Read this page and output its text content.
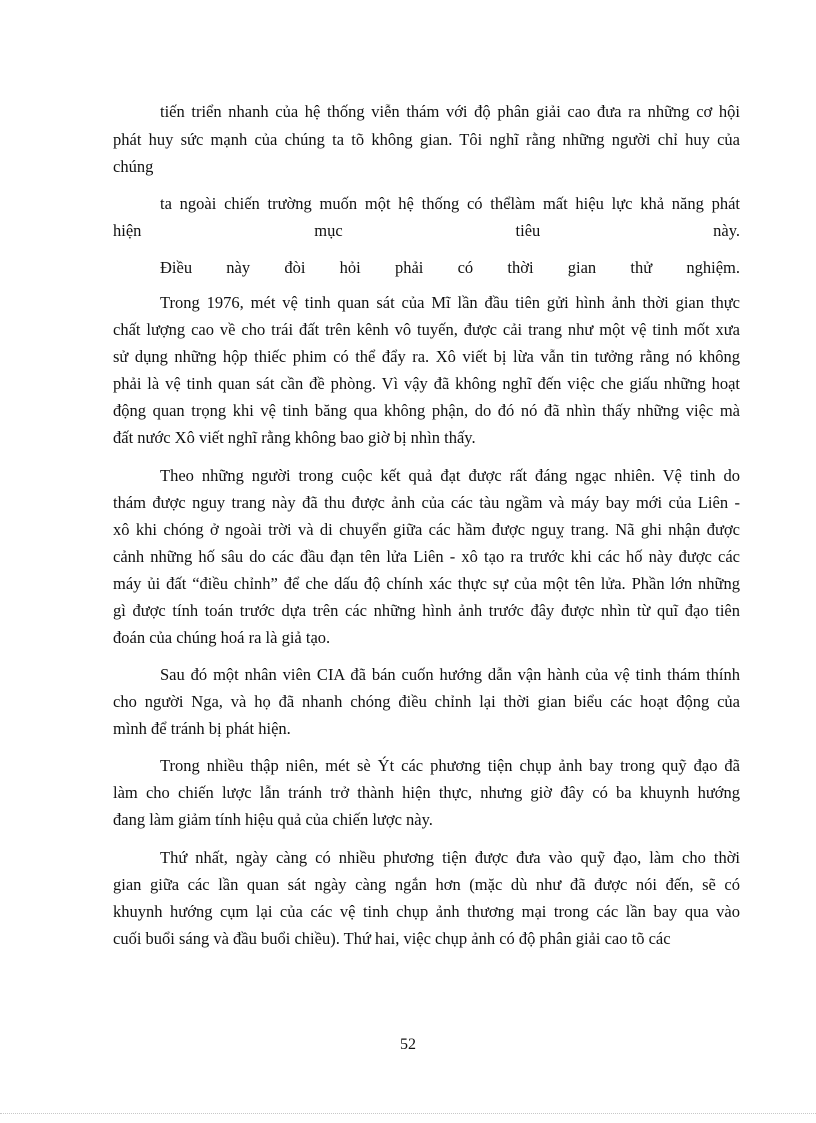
tiến triển nhanh của hệ thống viễn thám với độ phân giải cao đưa ra những cơ hội
phát huy sức mạnh của chúng ta tõ không gian. Tôi nghĩ rằng những người chỉ huy của
chúng
ta ngoài chiến trường muốn một hệ thống có thểlàm mất hiệu lực khả năng phát
hiện mục tiêu này.
Điều này đòi hỏi phải có thời gian thử nghiệm.
Trong 1976, mét vệ tinh quan sát của Mĩ lần đầu tiên gửi hình ảnh thời gian thực
chất lượng cao về cho trái đất trên kênh vô tuyến, được cải trang như một vệ tinh mốt xưa
sử dụng những hộp thiếc phim có thể đẩy ra. Xô viết bị lừa vẫn tin tưởng rằng nó không
phải là vệ tinh quan sát cần đề phòng. Vì vậy đã không nghĩ đến việc che giấu những hoạt
động quan trọng khi vệ tinh băng qua không phận, do đó nó đã nhìn thấy những việc mà
đất nước Xô viết nghĩ rằng không bao giờ bị nhìn thấy.
Theo những người trong cuộc kết quả đạt được rất đáng ngạc nhiên. Vệ tinh do
thám được nguy trang này đã thu được ảnh của các tàu ngầm và máy bay mới của Liên -
xô khi chóng ở ngoài trời và di chuyển giữa các hầm được nguỵ trang. Nã ghi nhận được
cảnh những hố sâu do các đầu đạn tên lửa Liên - xô tạo ra trước khi các hố này được các
máy ủi đất “điều chỉnh” để che dấu độ chính xác thực sự của một tên lửa. Phần lớn những
gì được tính toán trước dựa trên các những hình ảnh trước đây được nhìn từ quĩ đạo tiên
đoán của chúng hoá ra là giả tạo.
Sau đó một nhân viên CIA đã bán cuốn hướng dẫn vận hành của vệ tinh thám thính
cho người Nga, và họ đã nhanh chóng điều chỉnh lại thời gian biểu các hoạt động của
mình để tránh bị phát hiện.
Trong nhiều thập niên, mét sè Ýt các phương tiện chụp ảnh bay trong quỹ đạo đã
làm cho chiến lược lẫn tránh trở thành hiện thực, nhưng giờ đây có ba khuynh hướng
đang làm giảm tính hiệu quả của chiến lược này.
Thứ nhất, ngày càng có nhiều phương tiện được đưa vào quỹ đạo, làm cho thời
gian giữa các lần quan sát ngày càng ngắn hơn (mặc dù như đã được nói đến, sẽ có
khuynh hướng cụm lại của các vệ tinh chụp ảnh thương mại trong các lần bay qua vào
cuối buổi sáng và đầu buổi chiều). Thứ hai, việc chụp ảnh có độ phân giải cao tõ các
52
